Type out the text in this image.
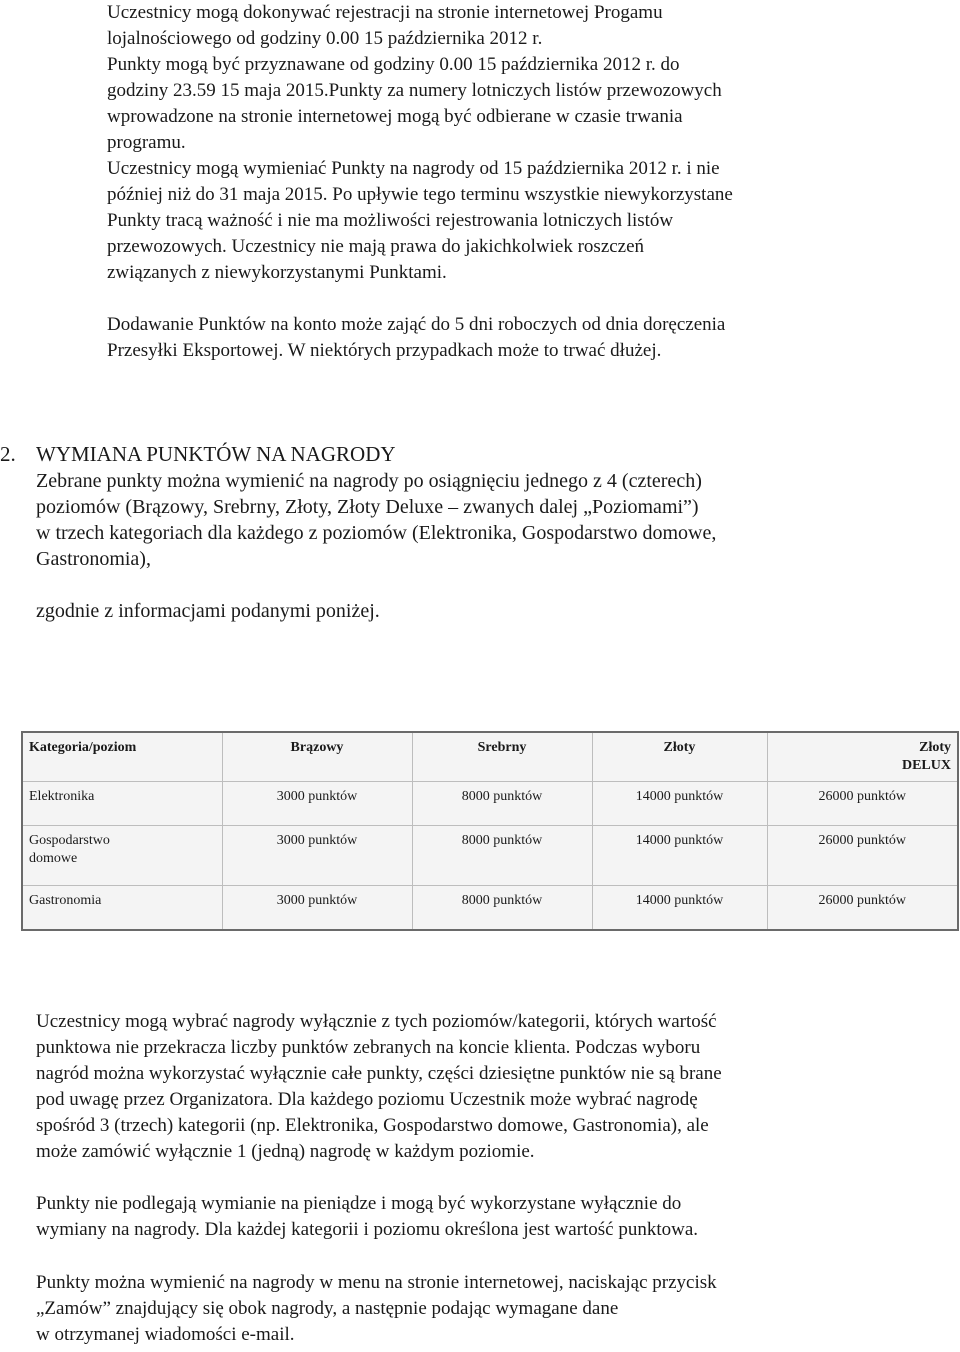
Uczestnicy mogą dokonywać rejestracji na stronie internetowej Progamu
lojalnościowego od godziny 0.00 15 października 2012 r.
Punkty mogą być przyznawane od godziny 0.00 15 października 2012 r. do
godziny 23.59 15 maja 2015.Punkty za numery lotniczych listów przewozowych
wprowadzone na stronie internetowej mogą być odbierane w czasie trwania
programu.
Uczestnicy mogą wymieniać Punkty na nagrody od 15 października 2012 r. i nie
później niż do 31 maja 2015. Po upływie tego terminu wszystkie niewykorzystane
Punkty tracą ważność i nie ma możliwości rejestrowania lotniczych listów
przewozowych. Uczestnicy nie mają prawa do jakichkolwiek roszczeń
związanych z niewykorzystanymi Punktami.
Dodawanie Punktów na konto może zająć do 5 dni roboczych od dnia doręczenia
Przesyłki Eksportowej. W niektórych przypadkach może to trwać dłużej.
2. WYMIANA PUNKTÓW NA NAGRODY
Zebrane punkty można wymienić na nagrody po osiągnięciu jednego z 4 (czterech)
poziomów (Brązowy, Srebrny, Złoty, Złoty Deluxe – zwanych dalej „Poziomami”)
w trzech kategoriach dla każdego z poziomów (Elektronika, Gospodarstwo domowe,
Gastronomia),
zgodnie z informacjami podanymi poniżej.
Kategoria/poziom	Brązowy	Srebrny	Złoty	Złoty
DELUX
Elektronika	3000 punktów	8000 punktów	14000 punktów	26000 punktów
Gospodarstwo
domowe	3000 punktów	8000 punktów	14000 punktów	26000 punktów
Gastronomia	3000 punktów	8000 punktów	14000 punktów	26000 punktów
Uczestnicy mogą wybrać nagrody wyłącznie z tych poziomów/kategorii, których wartość
punktowa nie przekracza liczby punktów zebranych na koncie klienta. Podczas wyboru
nagród można wykorzystać wyłącznie całe punkty, części dziesiętne punktów nie są brane
pod uwagę przez Organizatora. Dla każdego poziomu Uczestnik może wybrać nagrodę
spośród 3 (trzech) kategorii (np. Elektronika, Gospodarstwo domowe, Gastronomia), ale
może zamówić wyłącznie 1 (jedną) nagrodę w każdym poziomie.
Punkty nie podlegają wymianie na pieniądze i mogą być wykorzystane wyłącznie do
wymiany na nagrody. Dla każdej kategorii i poziomu określona jest wartość punktowa.
Punkty można wymienić na nagrody w menu na stronie internetowej, naciskając przycisk
„Zamów” znajdujący się obok nagrody, a następnie podając wymagane dane
w otrzymanej wiadomości e-mail.
